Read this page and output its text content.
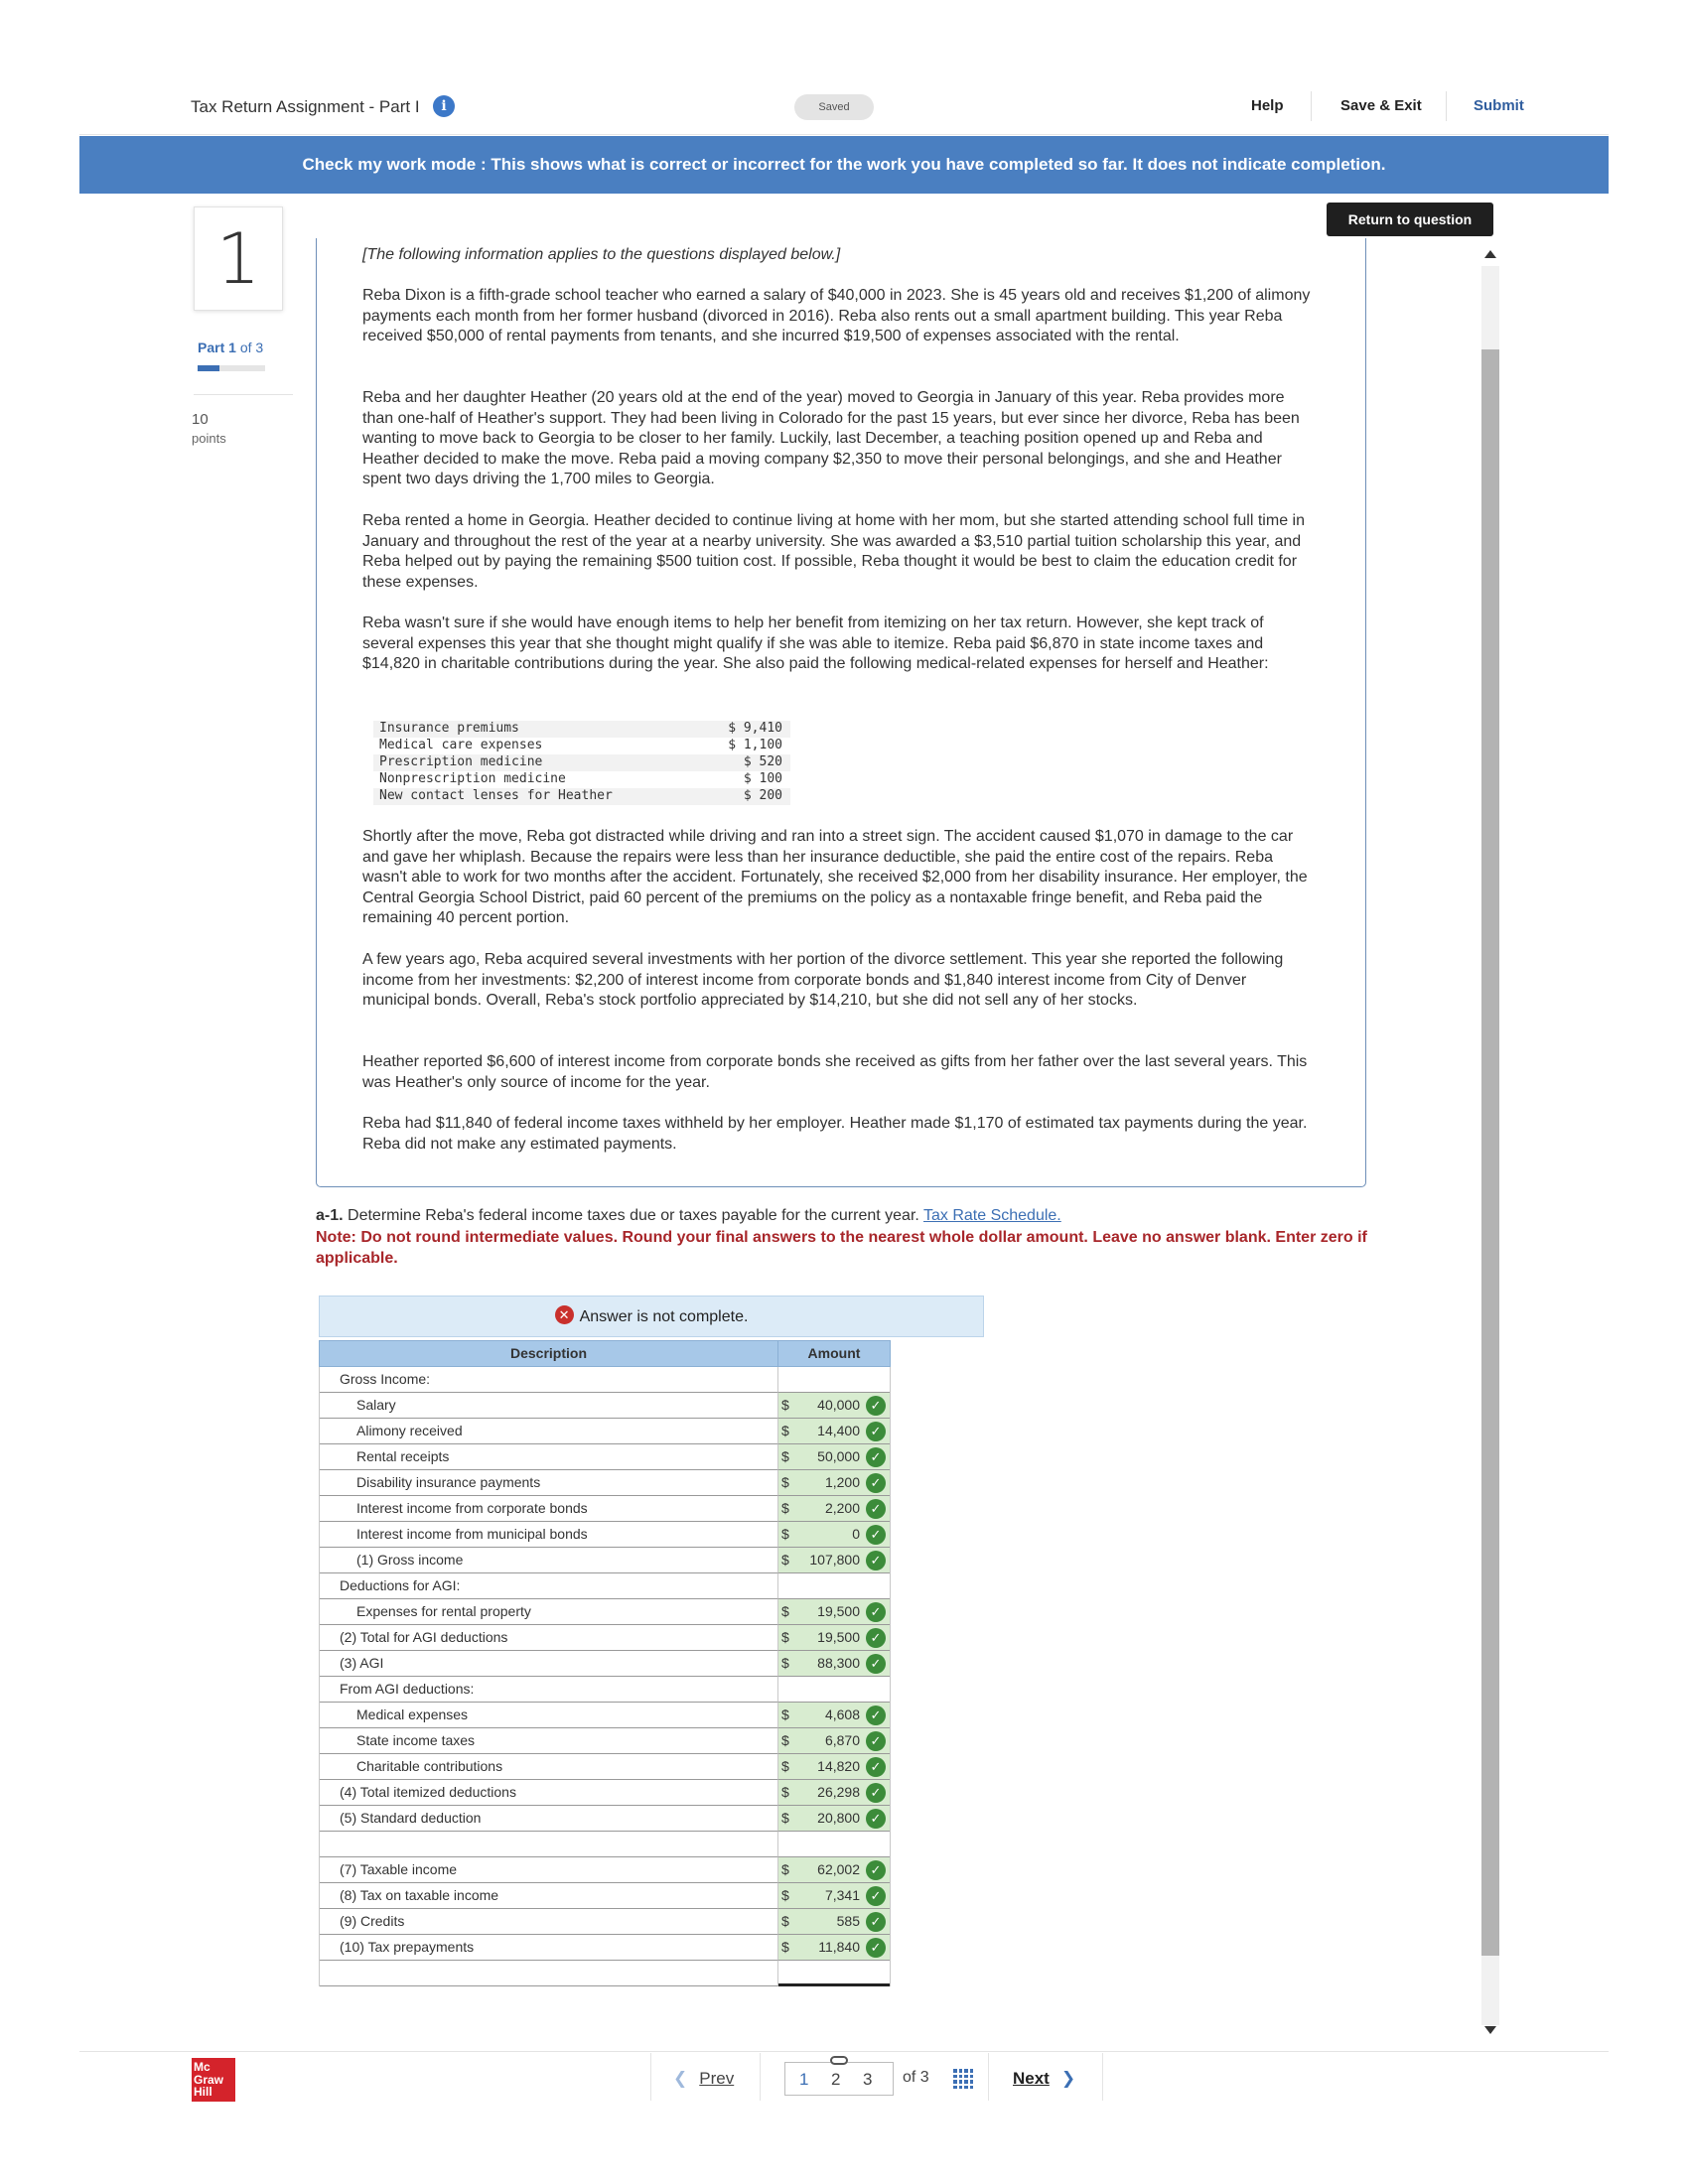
Tax Return Assignment - Part I	i	Saved	Help	Save & Exit	Submit
Check my work mode : This shows what is correct or incorrect for the work you have completed so far. It does not indicate completion.
1
Part 1 of 3
10
points
Return to question
[The following information applies to the questions displayed below.]

Reba Dixon is a fifth-grade school teacher who earned a salary of $40,000 in 2023. She is 45 years old and receives $1,200 of alimony payments each month from her former husband (divorced in 2016). Reba also rents out a small apartment building. This year Reba received $50,000 of rental payments from tenants, and she incurred $19,500 of expenses associated with the rental.

Reba and her daughter Heather (20 years old at the end of the year) moved to Georgia in January of this year. Reba provides more than one-half of Heather's support. They had been living in Colorado for the past 15 years, but ever since her divorce, Reba has been wanting to move back to Georgia to be closer to her family. Luckily, last December, a teaching position opened up and Reba and Heather decided to make the move. Reba paid a moving company $2,350 to move their personal belongings, and she and Heather spent two days driving the 1,700 miles to Georgia.

Reba rented a home in Georgia. Heather decided to continue living at home with her mom, but she started attending school full time in January and throughout the rest of the year at a nearby university. She was awarded a $3,510 partial tuition scholarship this year, and Reba helped out by paying the remaining $500 tuition cost. If possible, Reba thought it would be best to claim the education credit for these expenses.

Reba wasn't sure if she would have enough items to help her benefit from itemizing on her tax return. However, she kept track of several expenses this year that she thought might qualify if she was able to itemize. Reba paid $6,870 in state income taxes and $14,820 in charitable contributions during the year. She also paid the following medical-related expenses for herself and Heather:

Insurance premiums	$ 9,410
Medical care expenses	$ 1,100
Prescription medicine	$ 520
Nonprescription medicine	$ 100
New contact lenses for Heather	$ 200

Shortly after the move, Reba got distracted while driving and ran into a street sign. The accident caused $1,070 in damage to the car and gave her whiplash. Because the repairs were less than her insurance deductible, she paid the entire cost of the repairs. Reba wasn't able to work for two months after the accident. Fortunately, she received $2,000 from her disability insurance. Her employer, the Central Georgia School District, paid 60 percent of the premiums on the policy as a nontaxable fringe benefit, and Reba paid the remaining 40 percent portion.

A few years ago, Reba acquired several investments with her portion of the divorce settlement. This year she reported the following income from her investments: $2,200 of interest income from corporate bonds and $1,840 interest income from City of Denver municipal bonds. Overall, Reba's stock portfolio appreciated by $14,210, but she did not sell any of her stocks.

Heather reported $6,600 of interest income from corporate bonds she received as gifts from her father over the last several years. This was Heather's only source of income for the year.

Reba had $11,840 of federal income taxes withheld by her employer. Heather made $1,170 of estimated tax payments during the year. Reba did not make any estimated payments.

a-1. Determine Reba's federal income taxes due or taxes payable for the current year. Tax Rate Schedule.
Note: Do not round intermediate values. Round your final answers to the nearest whole dollar amount. Leave no answer blank. Enter zero if applicable.
✕ Answer is not complete.
Description	Amount
Gross Income:
Salary	$ 40,000 ✓
Alimony received	$ 14,400 ✓
Rental receipts	$ 50,000 ✓
Disability insurance payments	$	1,200 ✓
Interest income from corporate bonds	$	2,200 ✓
Interest income from municipal bonds	$	0 ✓
(1) Gross income	$ 107,800 ✓
Deductions for AGI:
Expenses for rental property	$ 19,500 ✓
(2) Total for AGI deductions	$ 19,500 ✓
(3) AGI	$ 88,300 ✓
From AGI deductions:
Medical expenses	$	4,608 ✓
State income taxes	$	6,870 ✓
Charitable contributions	$ 14,820 ✓
(4) Total itemized deductions	$ 26,298 ✓
(5) Standard deduction	$ 20,800 ✓
(7) Taxable income	$ 62,002 ✓
(8) Tax on taxable income	$	7,341 ✓
(9) Credits	$	585 ✓
(10) Tax prepayments	$ 11,840 ✓
Mc
Graw
Hill
❮ Prev	1 2 3 of 3	Next ❯
